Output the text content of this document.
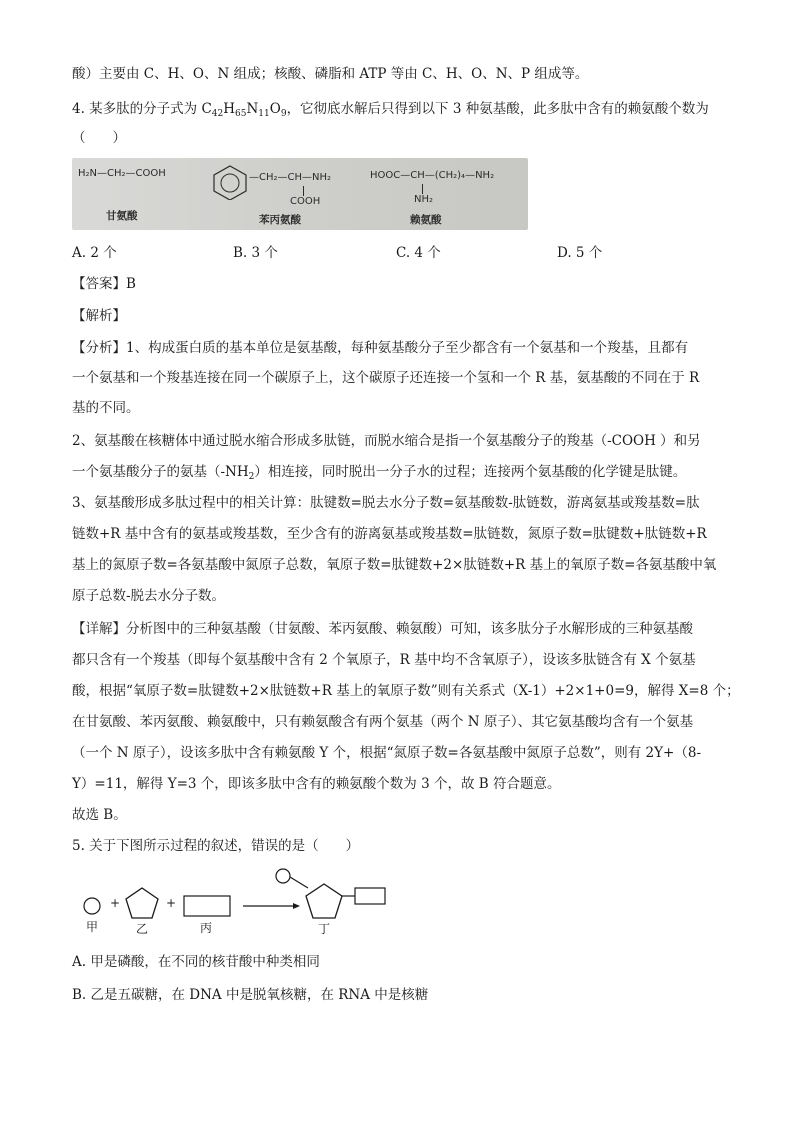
酸）主要由 C、H、O、N 组成；核酸、磷脂和 ATP 等由 C、H、O、N、P 组成等。
4. 某多肽的分子式为 $C_{42}H_{65}N_{11}O_9$，它彻底水解后只得到以下 3 种氨基酸，此多肽中含有的赖氨酸个数为
（　　）
H₂N—CH₂—COOH
甘氨酸
—CH₂—CH—NH₂
COOH
苯丙氨酸
HOOC—CH—(CH₂)₄—NH₂
NH₂
赖氨酸
A. 2 个	B. 3 个	C. 4 个	D. 5 个
【答案】B
【解析】
【分析】1、构成蛋白质的基本单位是氨基酸，每种氨基酸分子至少都含有一个氨基和一个羧基，且都有
一个氨基和一个羧基连接在同一个碳原子上，这个碳原子还连接一个氢和一个 R 基，氨基酸的不同在于 R
基的不同。
2、氨基酸在核糖体中通过脱水缩合形成多肽链，而脱水缩合是指一个氨基酸分子的羧基（-COOH ）和另
一个氨基酸分子的氨基$(-NH_2)$相连接，同时脱出一分子水的过程；连接两个氨基酸的化学键是肽键。
3、氨基酸形成多肽过程中的相关计算：肽键数=脱去水分子数=氨基酸数-肽链数，游离氨基或羧基数=肽
链数+R 基中含有的氨基或羧基数，至少含有的游离氨基或羧基数=肽链数，氮原子数=肽键数+肽链数+R
基上的氮原子数=各氨基酸中氮原子总数，氧原子数=肽键数+2×肽链数+R 基上的氧原子数=各氨基酸中氧
原子总数-脱去水分子数。
【详解】分析图中的三种氨基酸（甘氨酸、苯丙氨酸、赖氨酸）可知，该多肽分子水解形成的三种氨基酸
都只含有一个羧基（即每个氨基酸中含有 2 个氧原子，R 基中均不含氧原子），设该多肽链含有 X 个氨基
酸，根据“氧原子数=肽键数+2×肽链数+R 基上的氧原子数”则有关系式（X-1）+2×1+0=9，解得 X=8 个；
在甘氨酸、苯丙氨酸、赖氨酸中，只有赖氨酸含有两个氨基（两个 N 原子）、其它氨基酸均含有一个氨基
（一个 N 原子），设该多肽中含有赖氨酸 Y 个，根据“氮原子数=各氨基酸中氮原子总数”，则有 2Y+（8-
Y）=11，解得 Y=3 个，即该多肽中含有的赖氨酸个数为 3 个，故 B 符合题意。
故选 B。
5. 关于下图所示过程的叙述，错误的是（　　）
+	+
甲	乙	丙	丁
A. 甲是磷酸，在不同的核苷酸中种类相同
B. 乙是五碳糖，在 DNA 中是脱氧核糖，在 RNA 中是核糖
